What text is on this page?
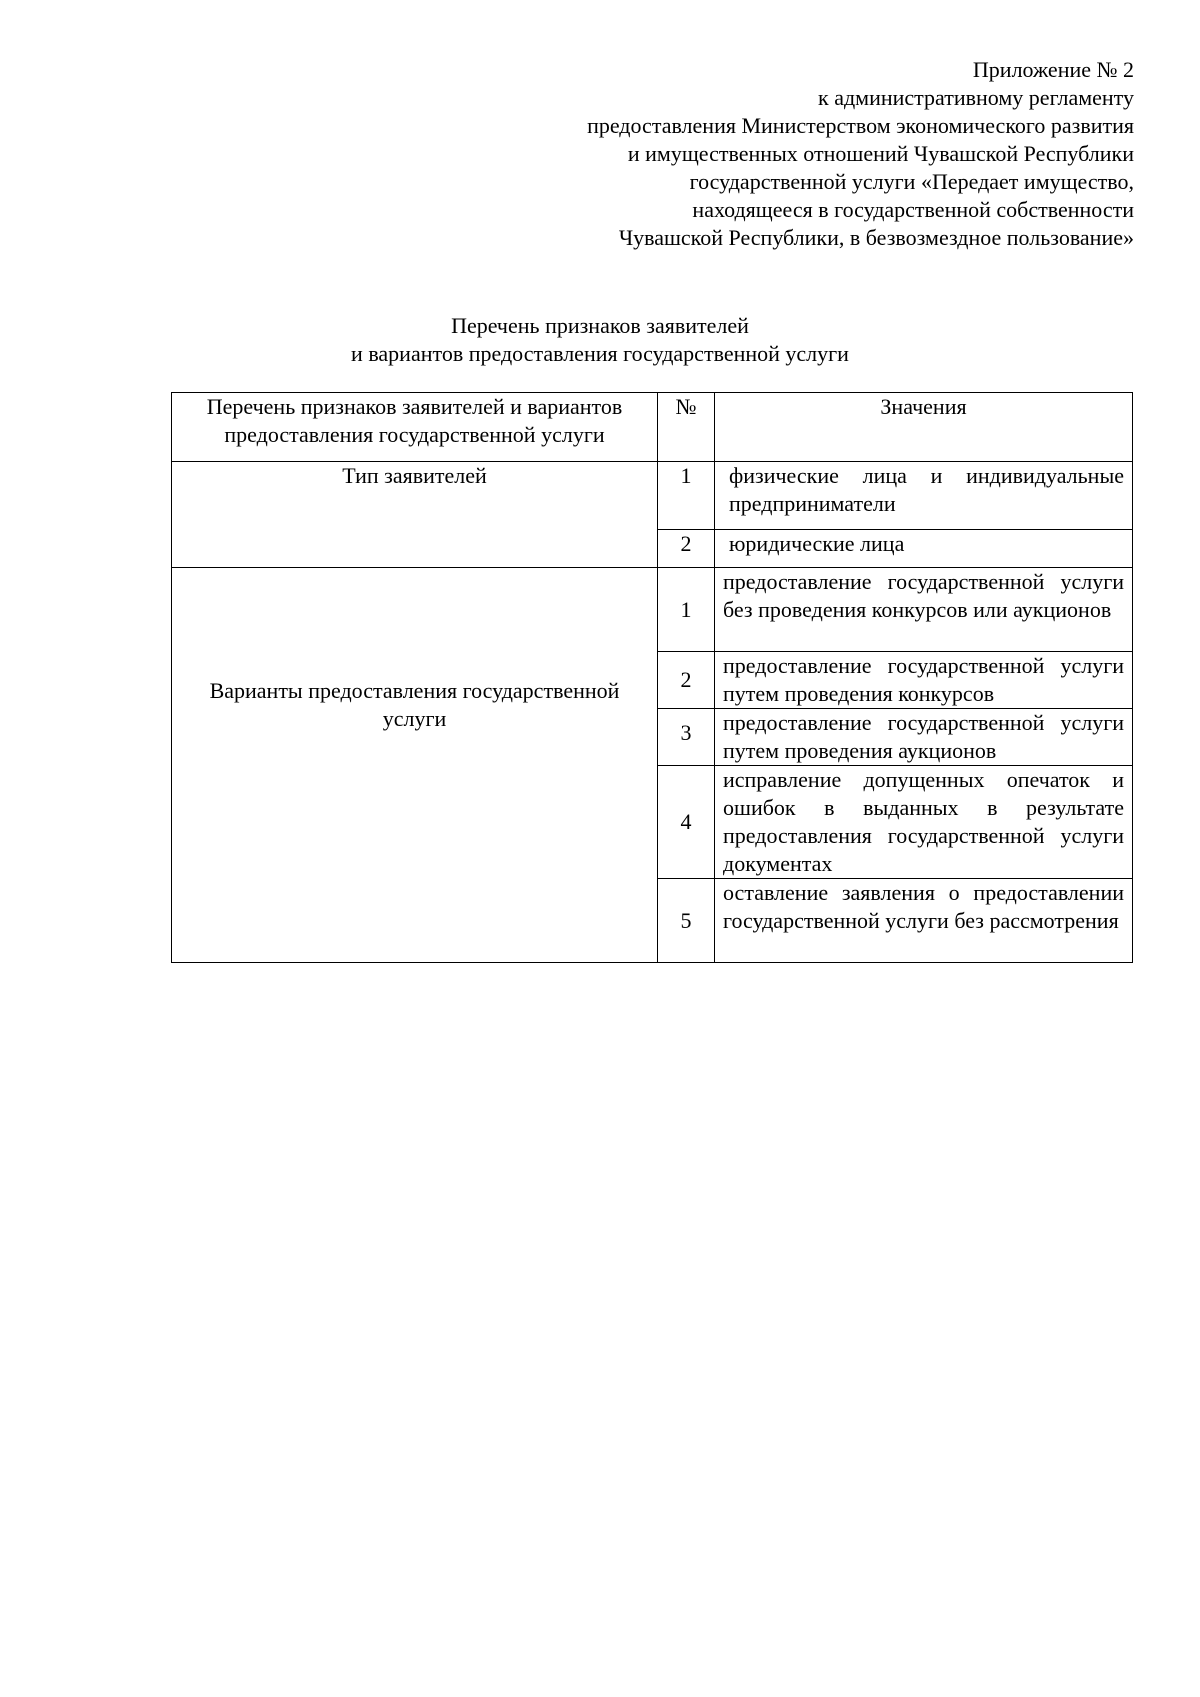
Приложение № 2
к административному регламенту
предоставления Министерством экономического развития
и имущественных отношений Чувашской Республики
государственной услуги «Передает имущество,
находящееся в государственной собственности
Чувашской Республики, в безвозмездное пользование»
Перечень признаков заявителей
и вариантов предоставления государственной услуги
Перечень признаков заявителей и вариантов предоставления государственной услуги	№	Значения
Тип заявителей	1	физические лица и индивидуальные предприниматели
	2	юридические лица
Варианты предоставления государственной услуги	1	предоставление государственной услуги без проведения конкурсов или аукционов
	2	предоставление государственной услуги путем проведения конкурсов
	3	предоставление государственной услуги путем проведения аукционов
	4	исправление допущенных опечаток и ошибок в выданных в результате предоставления государственной услуги документах
	5	оставление заявления о предоставлении государственной услуги без рассмотрения
